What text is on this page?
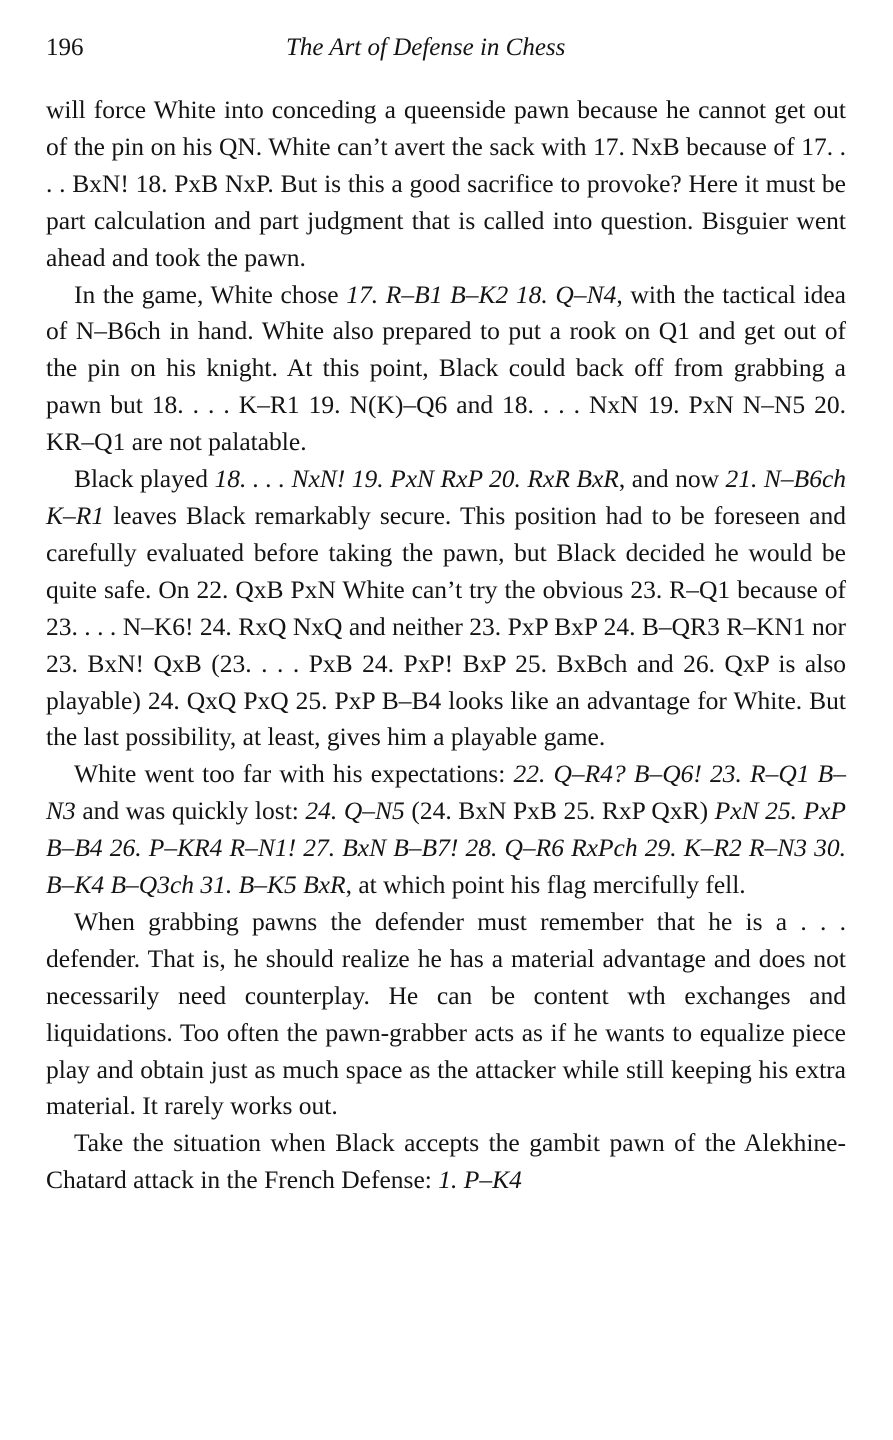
196	The Art of Defense in Chess

will force White into conceding a queenside pawn because he cannot get out of the pin on his QN. White can’t avert the sack with 17. NxB because of 17. . . . BxN! 18. PxB NxP. But is this a good sacrifice to provoke? Here it must be part calculation and part judgment that is called into question. Bisguier went ahead and took the pawn.

In the game, White chose 17. R–B1 B–K2 18. Q–N4, with the tactical idea of N–B6ch in hand. White also prepared to put a rook on Q1 and get out of the pin on his knight. At this point, Black could back off from grabbing a pawn but 18. . . . K–R1 19. N(K)–Q6 and 18. . . . NxN 19. PxN N–N5 20. KR–Q1 are not palatable.

Black played 18. . . . NxN! 19. PxN RxP 20. RxR BxR, and now 21. N–B6ch K–R1 leaves Black remarkably secure. This position had to be foreseen and carefully evaluated before taking the pawn, but Black decided he would be quite safe. On 22. QxB PxN White can’t try the obvious 23. R–Q1 because of 23. . . . N–K6! 24. RxQ NxQ and neither 23. PxP BxP 24. B–QR3 R–KN1 nor 23. BxN! QxB (23. . . . PxB 24. PxP! BxP 25. BxBch and 26. QxP is also playable) 24. QxQ PxQ 25. PxP B–B4 looks like an advantage for White. But the last possibility, at least, gives him a playable game.

White went too far with his expectations: 22. Q–R4? B–Q6! 23. R–Q1 B–N3 and was quickly lost: 24. Q–N5 (24. BxN PxB 25. RxP QxR) PxN 25. PxP B–B4 26. P–KR4 R–N1! 27. BxN B–B7! 28. Q–R6 RxPch 29. K–R2 R–N3 30. B–K4 B–Q3ch 31. B–K5 BxR, at which point his flag mercifully fell.

When grabbing pawns the defender must remember that he is a . . . defender. That is, he should realize he has a material advantage and does not necessarily need counterplay. He can be content wth exchanges and liquidations. Too often the pawn-grabber acts as if he wants to equalize piece play and obtain just as much space as the attacker while still keeping his extra material. It rarely works out.

Take the situation when Black accepts the gambit pawn of the Alekhine-Chatard attack in the French Defense: 1. P–K4
